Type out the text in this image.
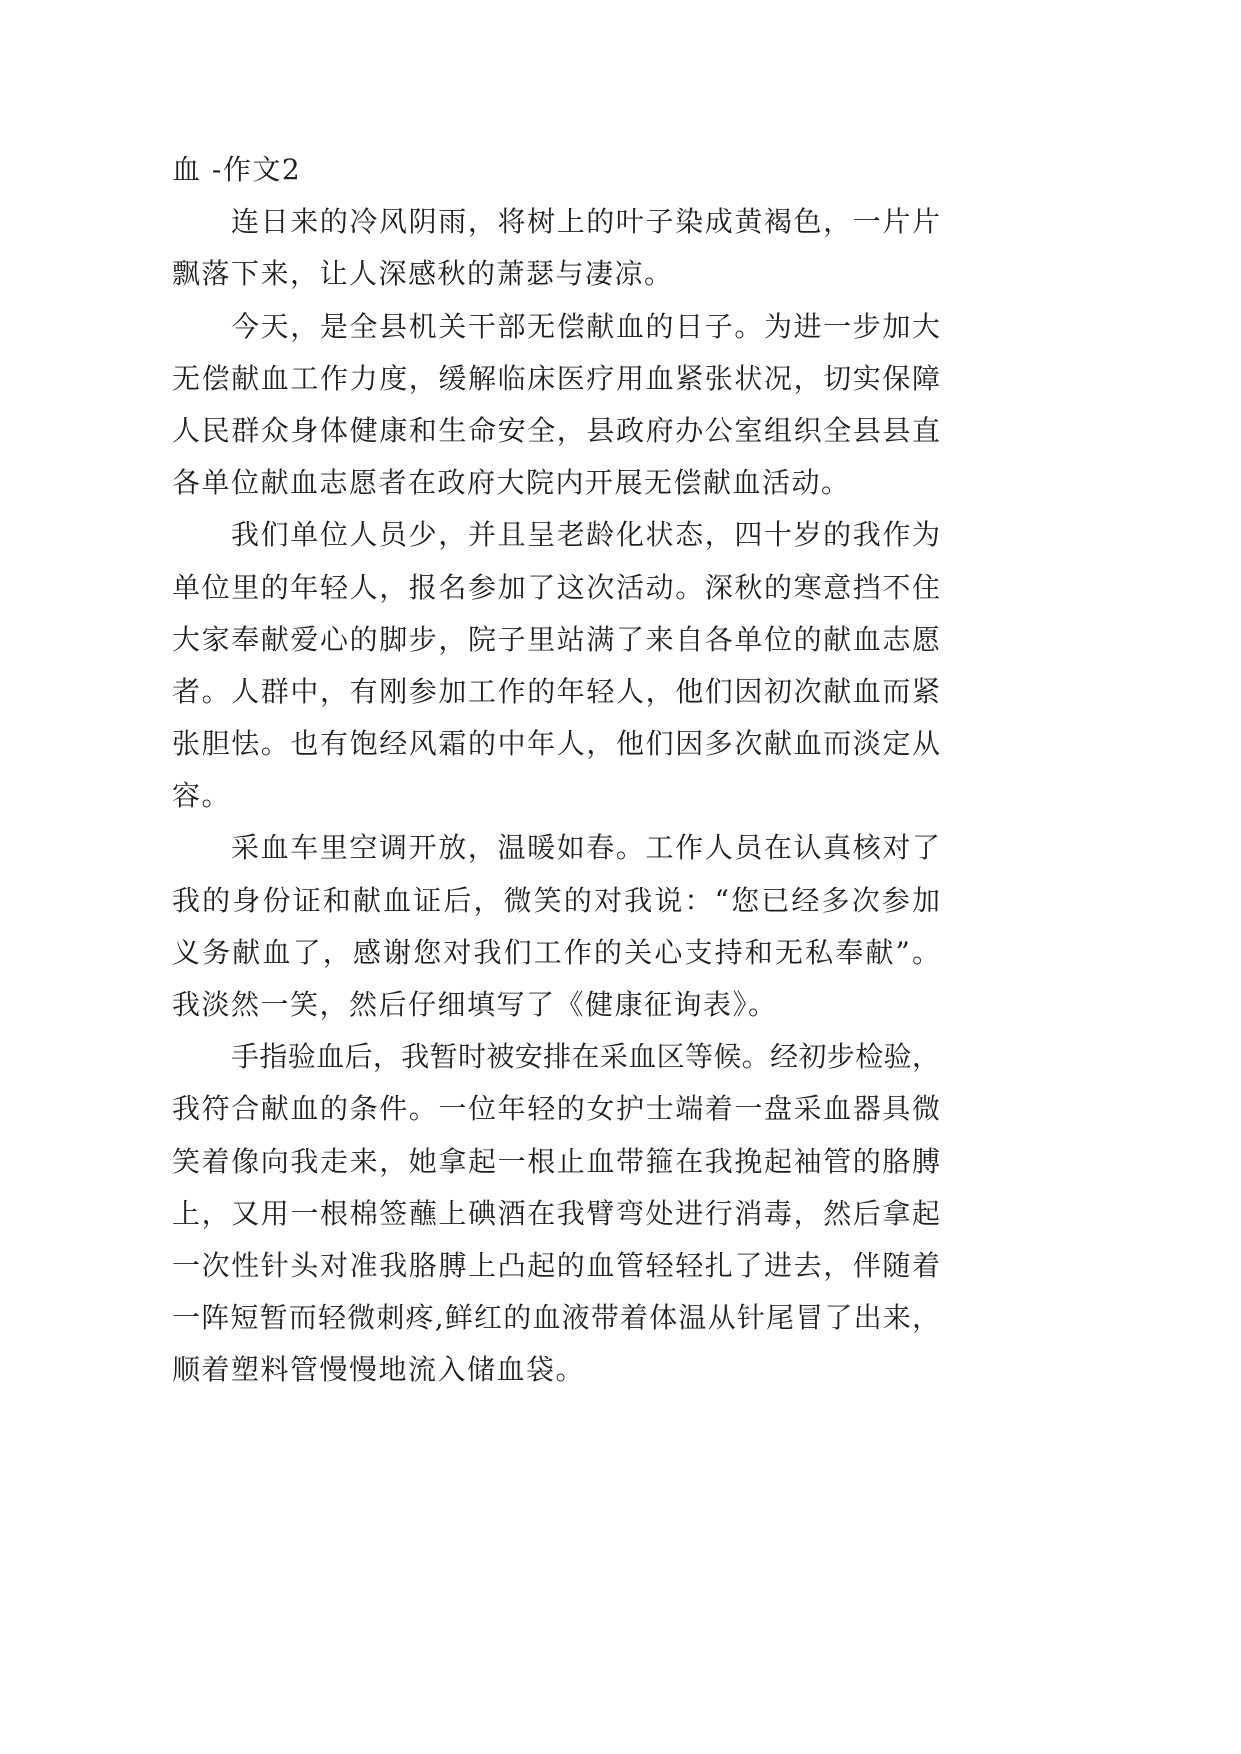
血 -作文2
连日来的冷风阴雨，将树上的叶子染成黄褐色，一片片
飘落下来，让人深感秋的萧瑟与凄凉。
今天，是全县机关干部无偿献血的日子。为进一步加大
无偿献血工作力度，缓解临床医疗用血紧张状况，切实保障
人民群众身体健康和生命安全，县政府办公室组织全县县直
各单位献血志愿者在政府大院内开展无偿献血活动。
我们单位人员少，并且呈老龄化状态，四十岁的我作为
单位里的年轻人，报名参加了这次活动。深秋的寒意挡不住
大家奉献爱心的脚步，院子里站满了来自各单位的献血志愿
者。人群中，有刚参加工作的年轻人，他们因初次献血而紧
张胆怯。也有饱经风霜的中年人，他们因多次献血而淡定从
容。
采血车里空调开放，温暖如春。工作人员在认真核对了
我的身份证和献血证后，微笑的对我说：“您已经多次参加
义务献血了，感谢您对我们工作的关心支持和无私奉献”。
我淡然一笑，然后仔细填写了《健康征询表》。
手指验血后，我暂时被安排在采血区等候。经初步检验，
我符合献血的条件。一位年轻的女护士端着一盘采血器具微
笑着像向我走来，她拿起一根止血带箍在我挽起袖管的胳膊
上，又用一根棉签蘸上碘酒在我臂弯处进行消毒，然后拿起
一次性针头对准我胳膊上凸起的血管轻轻扎了进去，伴随着
一阵短暂而轻微刺疼,鲜红的血液带着体温从针尾冒了出来，
顺着塑料管慢慢地流入储血袋。
